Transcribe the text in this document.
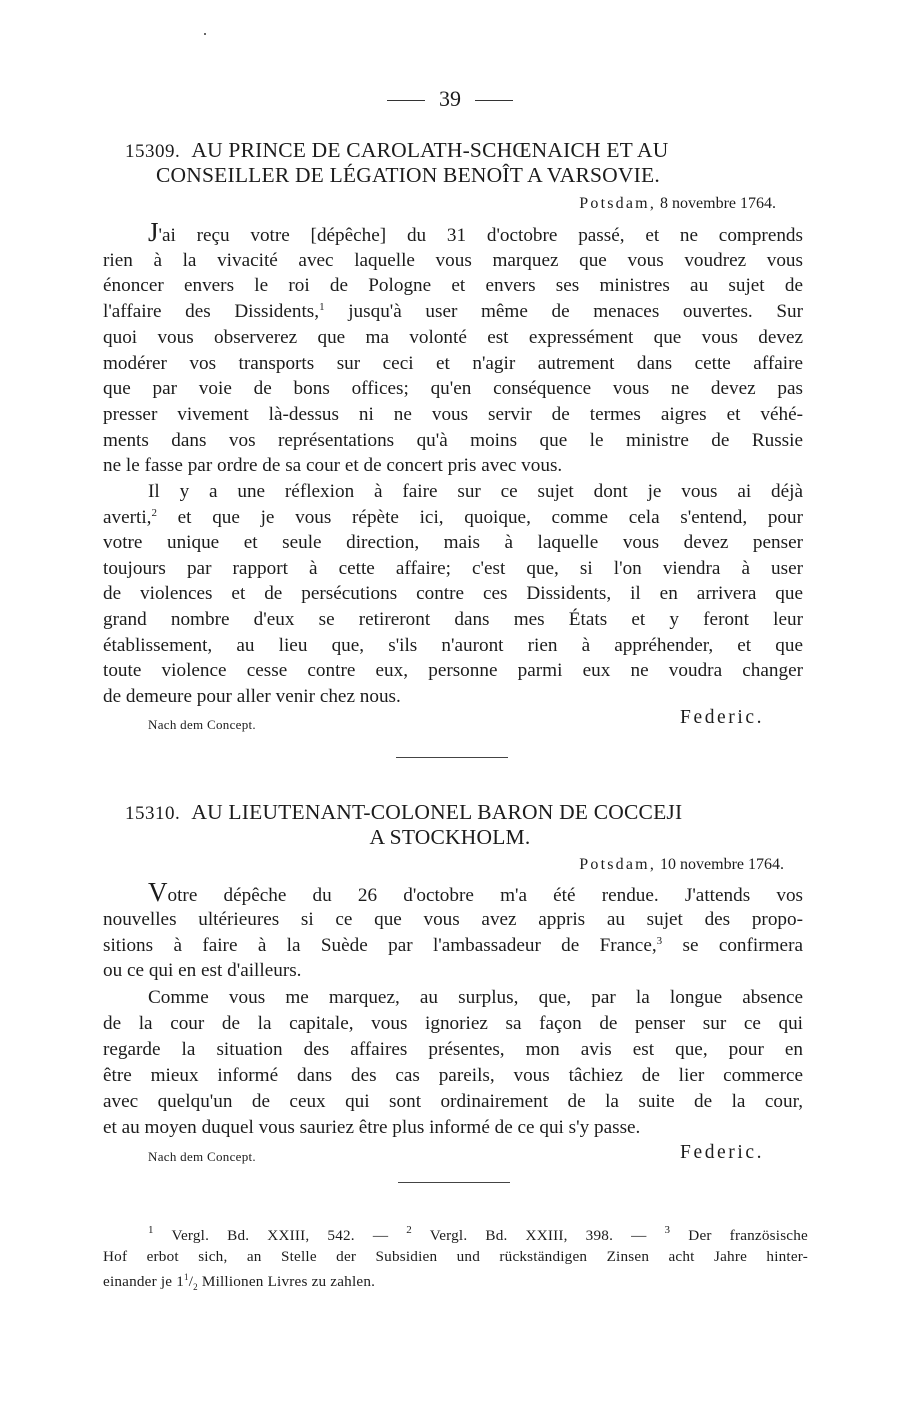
39
15309. AU PRINCE DE CAROLATH-SCHŒNAICH ET AU
CONSEILLER DE LÉGATION BENOÎT A VARSOVIE.
Potsdam, 8 novembre 1764.
J'ai reçu votre [dépêche] du 31 d'octobre passé, et ne comprends
rien à la vivacité avec laquelle vous marquez que vous voudrez vous
énoncer envers le roi de Pologne et envers ses ministres au sujet de
l'affaire des Dissidents,$^1$ jusqu'à user même de menaces ouvertes. Sur
quoi vous observerez que ma volonté est expressément que vous devez
modérer vos transports sur ceci et n'agir autrement dans cette affaire
que par voie de bons offices; qu'en conséquence vous ne devez pas
presser vivement là-dessus ni ne vous servir de termes aigres et véhé-
ments dans vos représentations qu'à moins que le ministre de Russie
ne le fasse par ordre de sa cour et de concert pris avec vous.
Il y a une réflexion à faire sur ce sujet dont je vous ai déjà
averti,$^2$ et que je vous répète ici, quoique, comme cela s'entend, pour
votre unique et seule direction, mais à laquelle vous devez penser
toujours par rapport à cette affaire; c'est que, si l'on viendra à user
de violences et de persécutions contre ces Dissidents, il en arrivera que
grand nombre d'eux se retireront dans mes États et y feront leur
établissement, au lieu que, s'ils n'auront rien à appréhender, et que
toute violence cesse contre eux, personne parmi eux ne voudra changer
de demeure pour aller venir chez nous.
Nach dem Concept.	Federic.
15310. AU LIEUTENANT-COLONEL BARON DE COCCEJI
A STOCKHOLM.
Potsdam, 10 novembre 1764.
Votre dépêche du 26 d'octobre m'a été rendue. J'attends vos
nouvelles ultérieures si ce que vous avez appris au sujet des propo-
sitions à faire à la Suède par l'ambassadeur de France,$^3$ se confirmera
ou ce qui en est d'ailleurs.
Comme vous me marquez, au surplus, que, par la longue absence
de la cour de la capitale, vous ignoriez sa façon de penser sur ce qui
regarde la situation des affaires présentes, mon avis est que, pour en
être mieux informé dans des cas pareils, vous tâchiez de lier commerce
avec quelqu'un de ceux qui sont ordinairement de la suite de la cour,
et au moyen duquel vous sauriez être plus informé de ce qui s'y passe.
Nach dem Concept.	Federic.
$^1$ Vergl. Bd. XXIII, 542. — $^2$ Vergl. Bd. XXIII, 398. — $^3$ Der französische
Hof erbot sich, an Stelle der Subsidien und rückständigen Zinsen acht Jahre hinter-
einander je $1^1/_2$ Millionen Livres zu zahlen.
